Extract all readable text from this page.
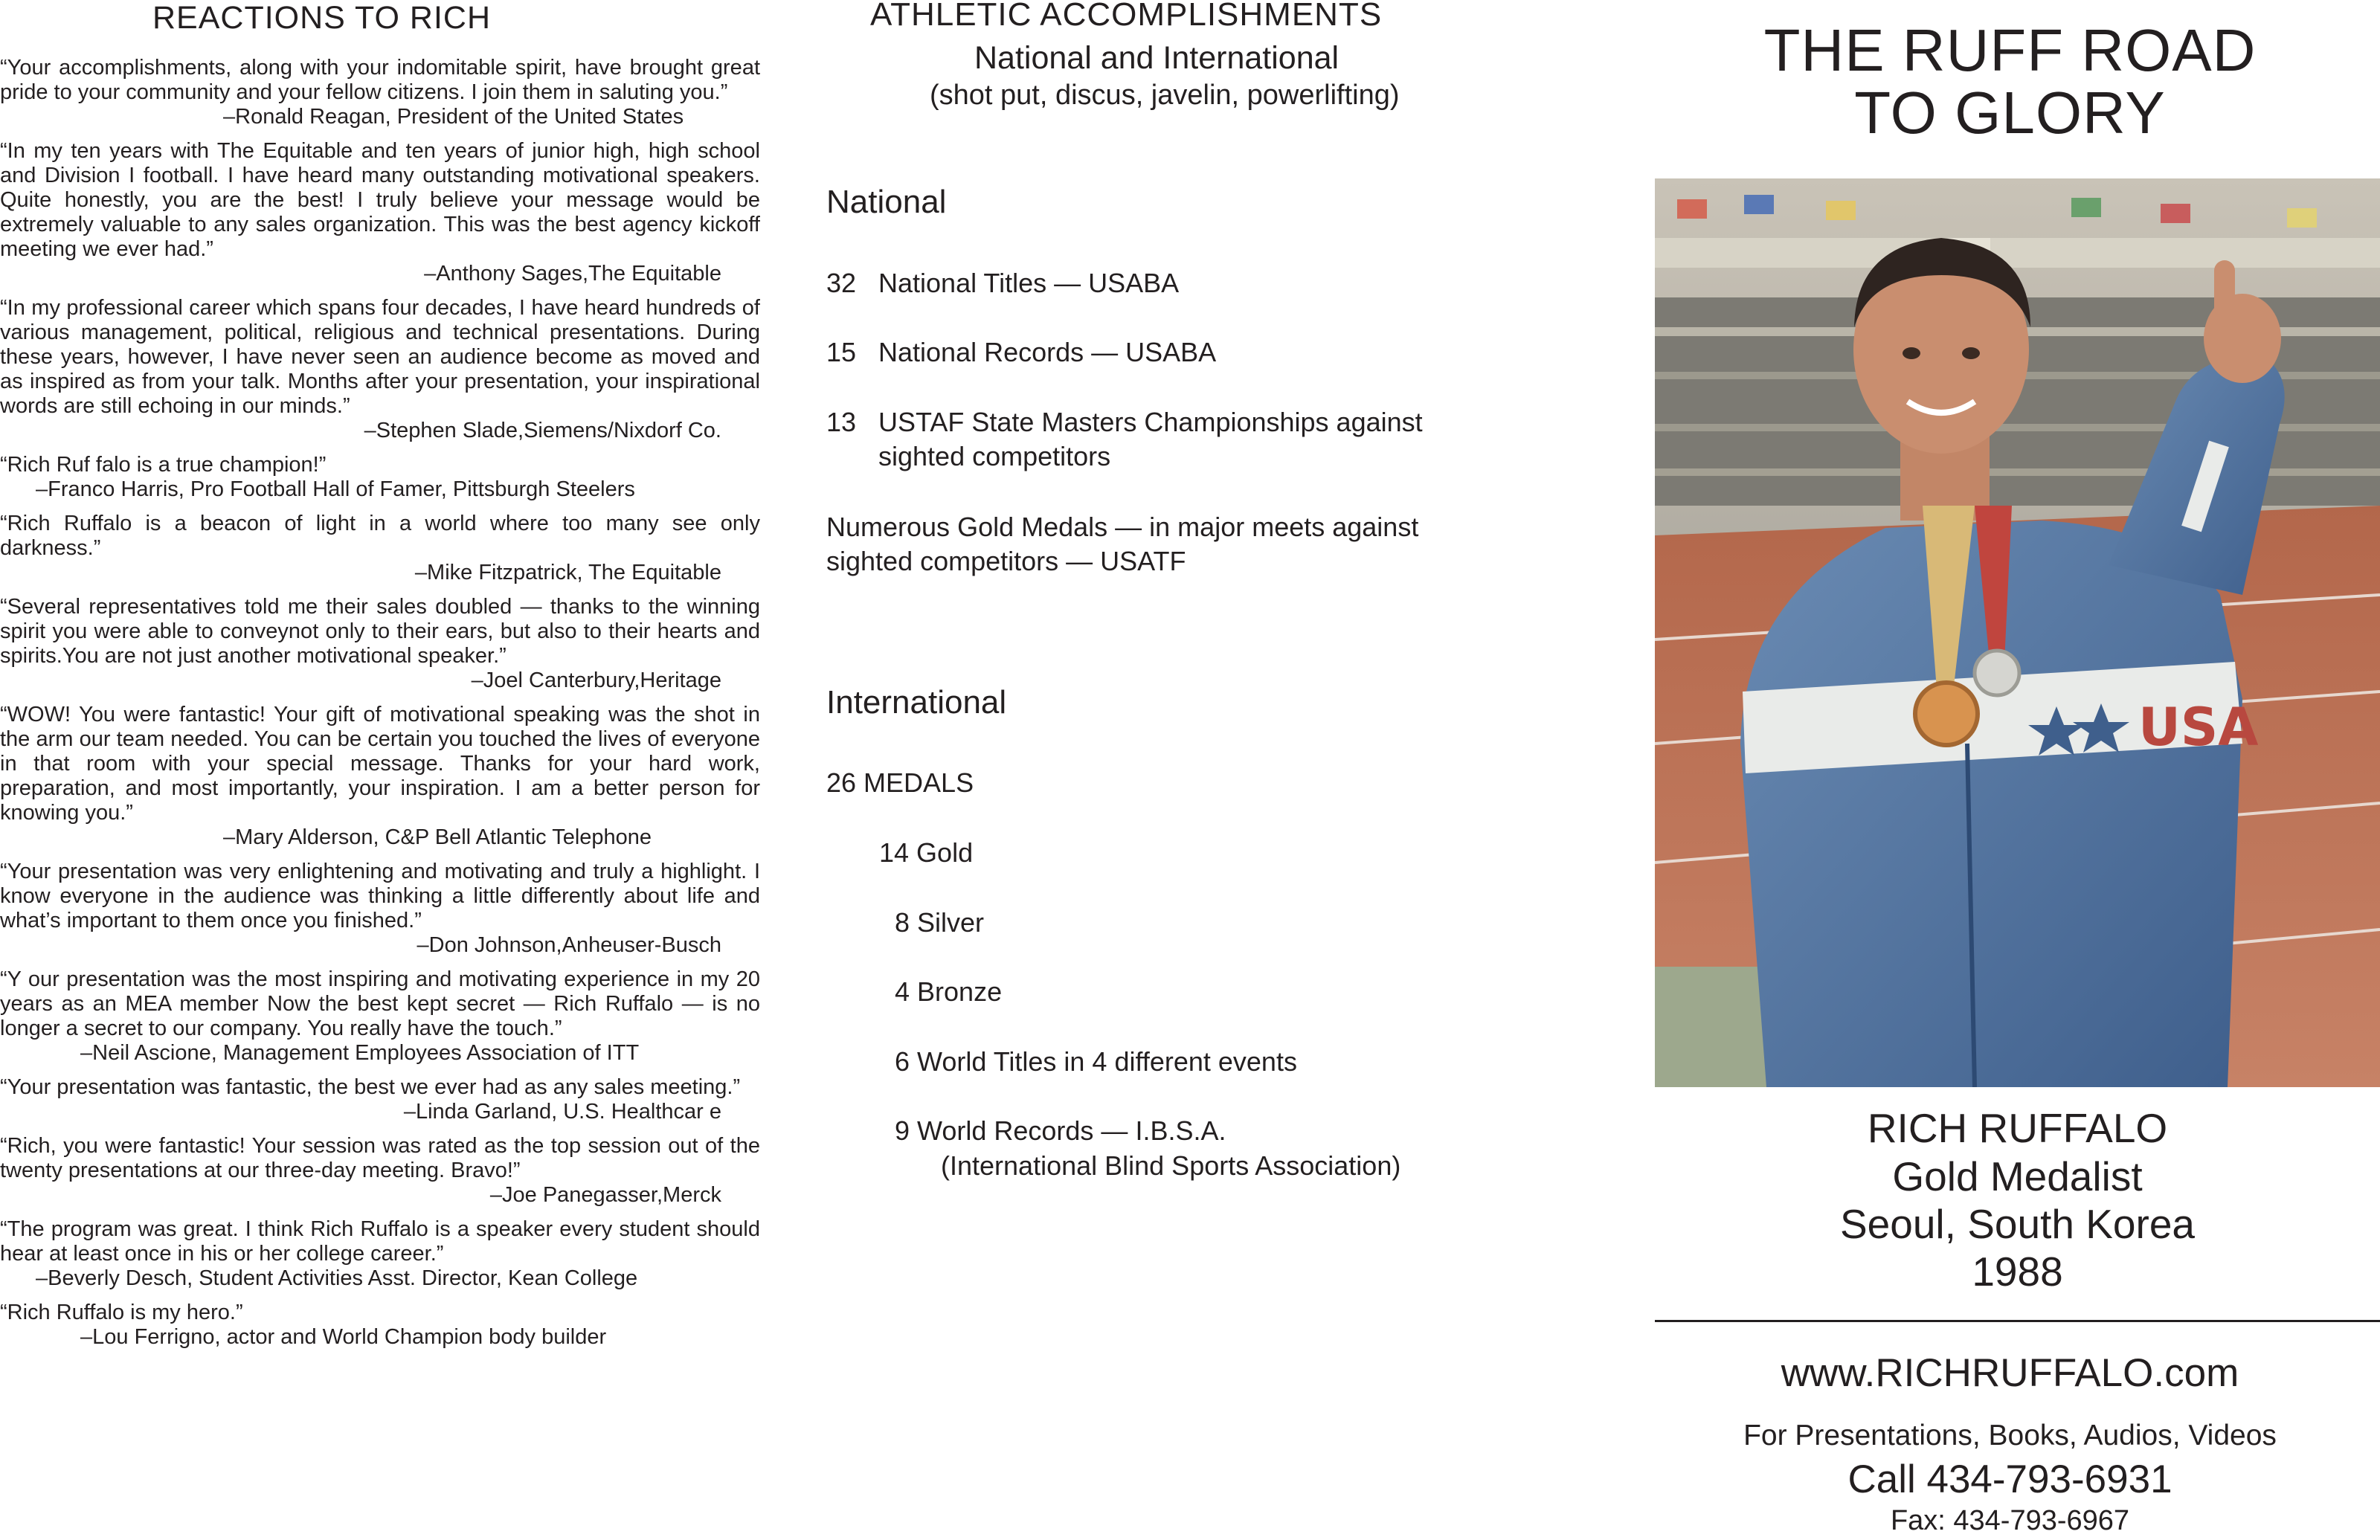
REACTIONS TO RICH

“Your accomplishments, along with your indomitable spirit, have brought great pride to your community and your fellow citizens. I join them in saluting you.”

–Ronald Reagan, President of the United States

“In my ten years with The Equitable and ten years of junior high, high school and Division I football. I have heard many outstanding motivational speakers. Quite honestly, you are the best! I truly believe your message would be extremely valuable to any sales organization. This was the best agency kickoff meeting we ever had.”

–Anthony Sages,The Equitable

“In my professional career which spans four decades, I have heard hundreds of various management, political, religious and technical presentations. During these years, however, I have never seen an audience become as moved and as inspired as from your talk. Months after your presentation, your inspirational words are still echoing in our minds.”

–Stephen Slade,Siemens/Nixdorf Co.

“Rich Ruf falo is a true champion!”

–Franco Harris, Pro Football Hall of Famer, Pittsburgh Steelers

“Rich Ruffalo is a beacon of light in a world where too many see only darkness.”

–Mike Fitzpatrick, The Equitable

“Several representatives told me their sales doubled — thanks to the winning spirit you were able to conveynot only to their ears, but also to their hearts and spirits.You are not just another motivational speaker.”

–Joel Canterbury,Heritage

“WOW! You were fantastic! Your gift of motivational speaking was the shot in the arm our team needed. You can be certain you touched the lives of everyone in that room with your special message. Thanks for your hard work, preparation, and most importantly, your inspiration. I am a better person for knowing you.”

–Mary Alderson, C&P Bell Atlantic Telephone

“Your presentation was very enlightening and motivating and truly a highlight. I know everyone in the audience was thinking a little differently about life and what’s important to them once you finished.”

–Don Johnson,Anheuser-Busch

“Y our presentation was the most inspiring and motivating experience in my 20 years as an MEA member Now the best kept secret — Rich Ruffalo — is no longer a secret to our company. You really have the touch.”

–Neil Ascione, Management Employees Association of ITT

“Your presentation was fantastic, the best we ever had as any sales meeting.”

–Linda Garland, U.S. Healthcar e

“Rich, you were fantastic! Your session was rated as the top session out of the twenty presentations at our three-day meeting. Bravo!”

–Joe Panegasser,Merck

“The program was great. I think Rich Ruffalo is a speaker every student should hear at least once in his or her college career.”

–Beverly Desch, Student Activities Asst. Director, Kean College

“Rich Ruffalo is my hero.”

–Lou Ferrigno, actor and World Champion body builder

ATHLETIC ACCOMPLISHMENTS
National and International
(shot put, discus, javelin, powerlifting)
National
32 National Titles — USABA
15 National Records — USABA
13 USTAF State Masters Championships against
sighted competitors
Numerous Gold Medals — in major meets against
sighted competitors — USATF
International
26 MEDALS
14 Gold
8 Silver
4 Bronze
6 World Titles in 4 different events
9 World Records — I.B.S.A.
(International Blind Sports Association)
THE RUFF ROAD
TO GLORY
USA
RICH RUFFALO
Gold Medalist
Seoul, South Korea
1988
www.RICHRUFFALO.com
For Presentations, Books, Audios, Videos
Call 434-793-6931
Fax: 434-793-6967
